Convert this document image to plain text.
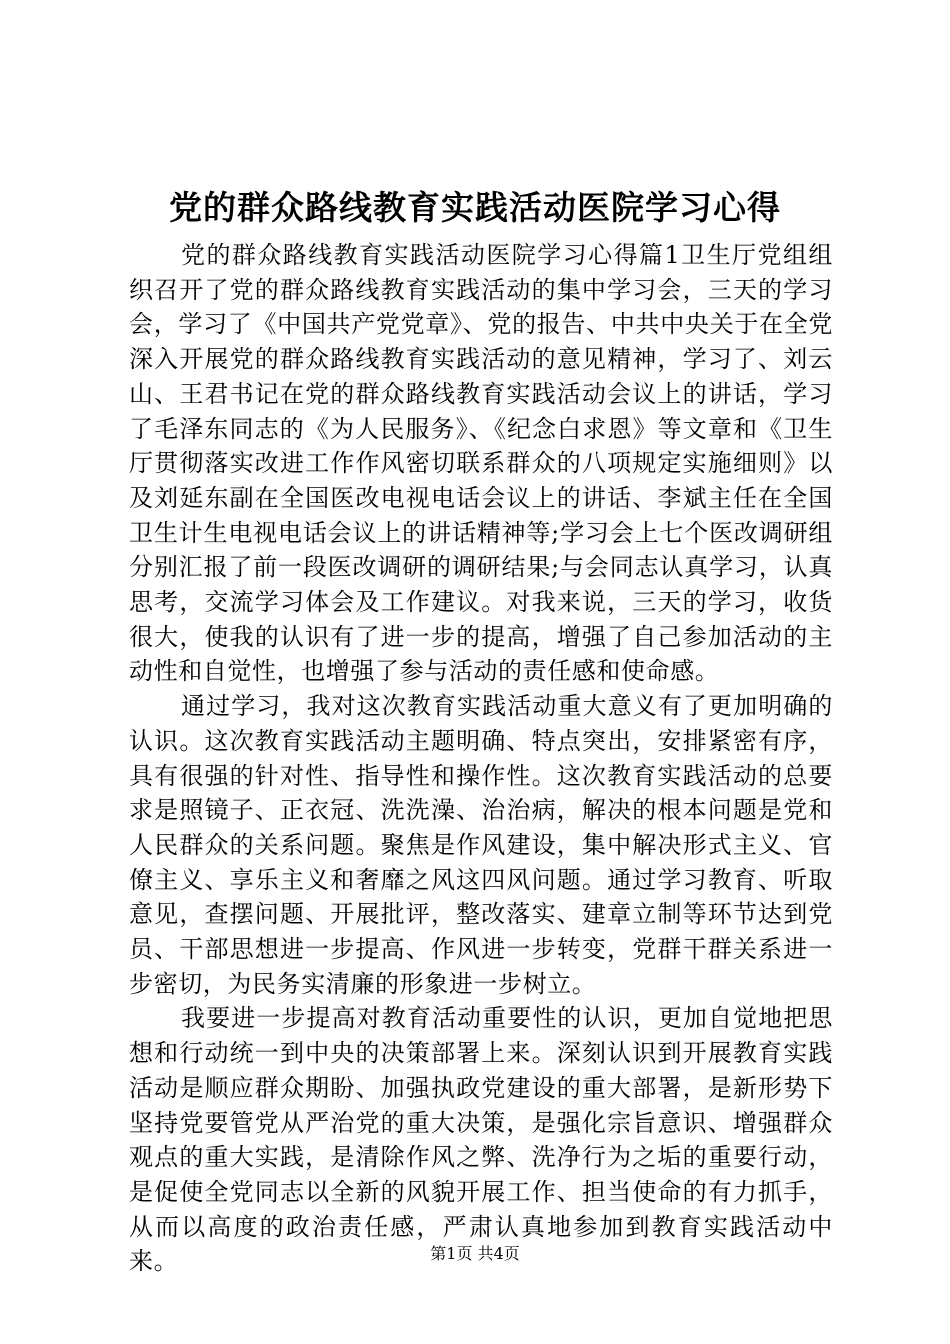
党的群众路线教育实践活动医院学习心得

党的群众路线教育实践活动医院学习心得篇1卫生厅党组组织召开了党的群众路线教育实践活动的集中学习会，三天的学习会，学习了《中国共产党党章》、党的报告、中共中央关于在全党深入开展党的群众路线教育实践活动的意见精神，学习了、刘云山、王君书记在党的群众路线教育实践活动会议上的讲话，学习了毛泽东同志的《为人民服务》、《纪念白求恩》等文章和《卫生厅贯彻落实改进工作作风密切联系群众的八项规定实施细则》以及刘延东副在全国医改电视电话会议上的讲话、李斌主任在全国卫生计生电视电话会议上的讲话精神等;学习会上七个医改调研组分别汇报了前一段医改调研的调研结果;与会同志认真学习，认真思考，交流学习体会及工作建议。对我来说，三天的学习，收货很大，使我的认识有了进一步的提高，增强了自己参加活动的主动性和自觉性，也增强了参与活动的责任感和使命感。

通过学习，我对这次教育实践活动重大意义有了更加明确的认识。这次教育实践活动主题明确、特点突出，安排紧密有序，具有很强的针对性、指导性和操作性。这次教育实践活动的总要求是照镜子、正衣冠、洗洗澡、治治病，解决的根本问题是党和人民群众的关系问题。聚焦是作风建设，集中解决形式主义、官僚主义、享乐主义和奢靡之风这四风问题。通过学习教育、听取意见，查摆问题、开展批评，整改落实、建章立制等环节达到党员、干部思想进一步提高、作风进一步转变，党群干群关系进一步密切，为民务实清廉的形象进一步树立。

我要进一步提高对教育活动重要性的认识，更加自觉地把思想和行动统一到中央的决策部署上来。深刻认识到开展教育实践活动是顺应群众期盼、加强执政党建设的重大部署，是新形势下坚持党要管党从严治党的重大决策，是强化宗旨意识、增强群众观点的重大实践，是清除作风之弊、洗净行为之垢的重要行动，是促使全党同志以全新的风貌开展工作、担当使命的有力抓手，从而以高度的政治责任感，严肃认真地参加到教育实践活动中来。	第1页 共4页
